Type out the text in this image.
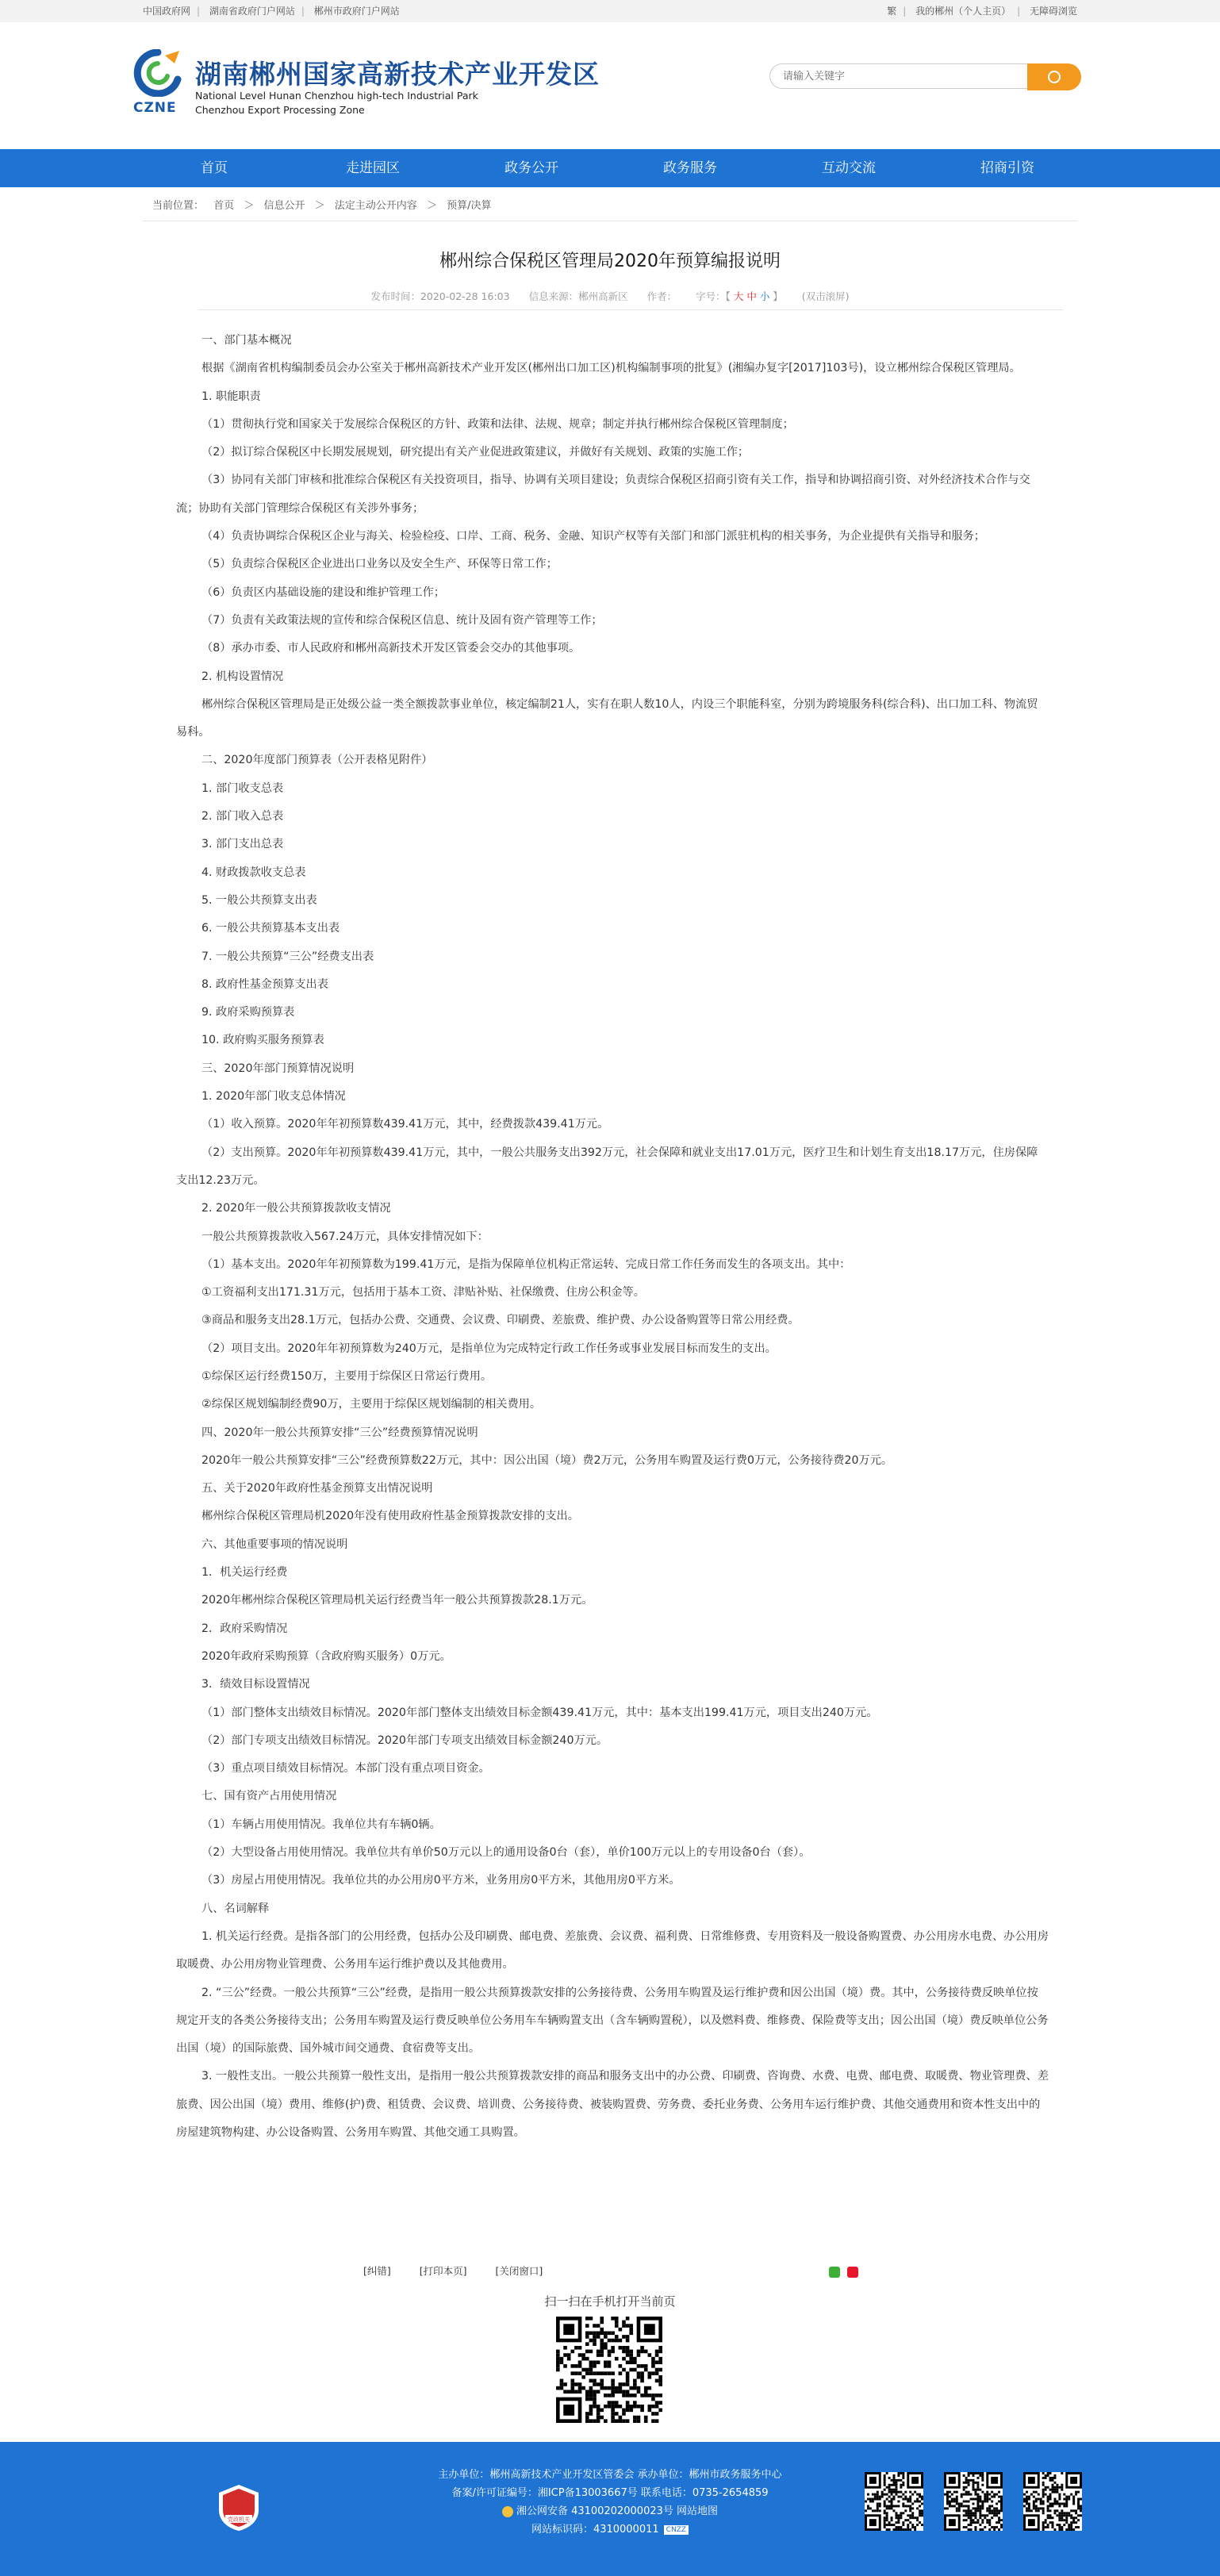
中国政府网 | 湖南省政府门户网站 | 郴州市政府门户网站	繁 | 我的郴州（个人主页） | 无障碍浏览
CZNE
湖南郴州国家高新技术产业开发区
National Level Hunan Chenzhou high-tech Industrial Park
Chenzhou Export Processing Zone
请输入关键字
首页	走进园区	政务公开	政务服务	互动交流	招商引资
当前位置： 首页 ＞ 信息公开 ＞ 法定主动公开内容 ＞ 预算/决算
郴州综合保税区管理局2020年预算编报说明
发布时间：2020-02-28 16:03 信息来源：郴州高新区 作者： 字号：【 大 中 小 】 (双击滚屏)

一、部门基本概况

根据《湖南省机构编制委员会办公室关于郴州高新技术产业开发区(郴州出口加工区)机构编制事项的批复》(湘编办复字[2017]103号)，设立郴州综合保税区管理局。

1. 职能职责

（1）贯彻执行党和国家关于发展综合保税区的方针、政策和法律、法规、规章；制定并执行郴州综合保税区管理制度；

（2）拟订综合保税区中长期发展规划，研究提出有关产业促进政策建议，并做好有关规划、政策的实施工作；

（3）协同有关部门审核和批准综合保税区有关投资项目，指导、协调有关项目建设；负责综合保税区招商引资有关工作，指导和协调招商引资、对外经济技术合作与交流；协助有关部门管理综合保税区有关涉外事务；

（4）负责协调综合保税区企业与海关、检验检疫、口岸、工商、税务、金融、知识产权等有关部门和部门派驻机构的相关事务，为企业提供有关指导和服务；

（5）负责综合保税区企业进出口业务以及安全生产、环保等日常工作；

（6）负责区内基础设施的建设和维护管理工作；

（7）负责有关政策法规的宣传和综合保税区信息、统计及固有资产管理等工作；

（8）承办市委、市人民政府和郴州高新技术开发区管委会交办的其他事项。

2. 机构设置情况

郴州综合保税区管理局是正处级公益一类全额拨款事业单位，核定编制21人，实有在职人数10人，内设三个职能科室，分别为跨境服务科(综合科)、出口加工科、物流贸易科。

二、2020年度部门预算表（公开表格见附件）

1. 部门收支总表

2. 部门收入总表

3. 部门支出总表

4. 财政拨款收支总表

5. 一般公共预算支出表

6. 一般公共预算基本支出表

7. 一般公共预算“三公”经费支出表

8. 政府性基金预算支出表

9. 政府采购预算表

10. 政府购买服务预算表

三、2020年部门预算情况说明

1. 2020年部门收支总体情况

（1）收入预算。2020年年初预算数439.41万元，其中，经费拨款439.41万元。

（2）支出预算。2020年年初预算数439.41万元，其中，一般公共服务支出392万元，社会保障和就业支出17.01万元，医疗卫生和计划生育支出18.17万元，住房保障支出12.23万元。

2. 2020年一般公共预算拨款收支情况

一般公共预算拨款收入567.24万元，具体安排情况如下：

（1）基本支出。2020年年初预算数为199.41万元，是指为保障单位机构正常运转、完成日常工作任务而发生的各项支出。其中：

①工资福利支出171.31万元，包括用于基本工资、津贴补贴、社保缴费、住房公积金等。

③商品和服务支出28.1万元，包括办公费、交通费、会议费、印刷费、差旅费、维护费、办公设备购置等日常公用经费。

（2）项目支出。2020年年初预算数为240万元，是指单位为完成特定行政工作任务或事业发展目标而发生的支出。

①综保区运行经费150万，主要用于综保区日常运行费用。

②综保区规划编制经费90万，主要用于综保区规划编制的相关费用。

四、2020年一般公共预算安排“三公”经费预算情况说明

2020年一般公共预算安排“三公”经费预算数22万元，其中：因公出国（境）费2万元，公务用车购置及运行费0万元，公务接待费20万元。

五、关于2020年政府性基金预算支出情况说明

郴州综合保税区管理局机2020年没有使用政府性基金预算拨款安排的支出。

六、其他重要事项的情况说明

1．机关运行经费

2020年郴州综合保税区管理局机关运行经费当年一般公共预算拨款28.1万元。

2．政府采购情况

2020年政府采购预算（含政府购买服务）0万元。

3．绩效目标设置情况

（1）部门整体支出绩效目标情况。2020年部门整体支出绩效目标金额439.41万元，其中：基本支出199.41万元，项目支出240万元。

（2）部门专项支出绩效目标情况。2020年部门专项支出绩效目标金额240万元。

（3）重点项目绩效目标情况。本部门没有重点项目资金。

七、国有资产占用使用情况

（1）车辆占用使用情况。我单位共有车辆0辆。

（2）大型设备占用使用情况。我单位共有单价50万元以上的通用设备0台（套），单价100万元以上的专用设备0台（套）。

（3）房屋占用使用情况。我单位共的办公用房0平方米，业务用房0平方米，其他用房0平方米。

八、名词解释

1. 机关运行经费。是指各部门的公用经费，包括办公及印刷费、邮电费、差旅费、会议费、福利费、日常维修费、专用资料及一般设备购置费、办公用房水电费、办公用房取暖费、办公用房物业管理费、公务用车运行维护费以及其他费用。

2. “三公”经费。一般公共预算“三公”经费，是指用一般公共预算拨款安排的公务接待费、公务用车购置及运行维护费和因公出国（境）费。其中，公务接待费反映单位按规定开支的各类公务接待支出；公务用车购置及运行费反映单位公务用车车辆购置支出（含车辆购置税），以及燃料费、维修费、保险费等支出；因公出国（境）费反映单位公务出国（境）的国际旅费、国外城市间交通费、食宿费等支出。

3. 一般性支出。一般公共预算一般性支出，是指用一般公共预算拨款安排的商品和服务支出中的办公费、印刷费、咨询费、水费、电费、邮电费、取暖费、物业管理费、差旅费、因公出国（境）费用、维修(护)费、租赁费、会议费、培训费、公务接待费、被装购置费、劳务费、委托业务费、公务用车运行维护费、其他交通费用和资本性支出中的房屋建筑物构建、办公设备购置、公务用车购置、其他交通工具购置。

[纠错]	[打印本页]	[关闭窗口]

扫一扫在手机打开当前页
党政机关

主办单位：郴州高新技术产业开发区管委会 承办单位：郴州市政务服务中心

备案/许可证编号：湘ICP备13003667号 联系电话：0735-2654859

湘公网安备 43100202000023号 网站地图

网站标识码：4310000011 CNZZ
